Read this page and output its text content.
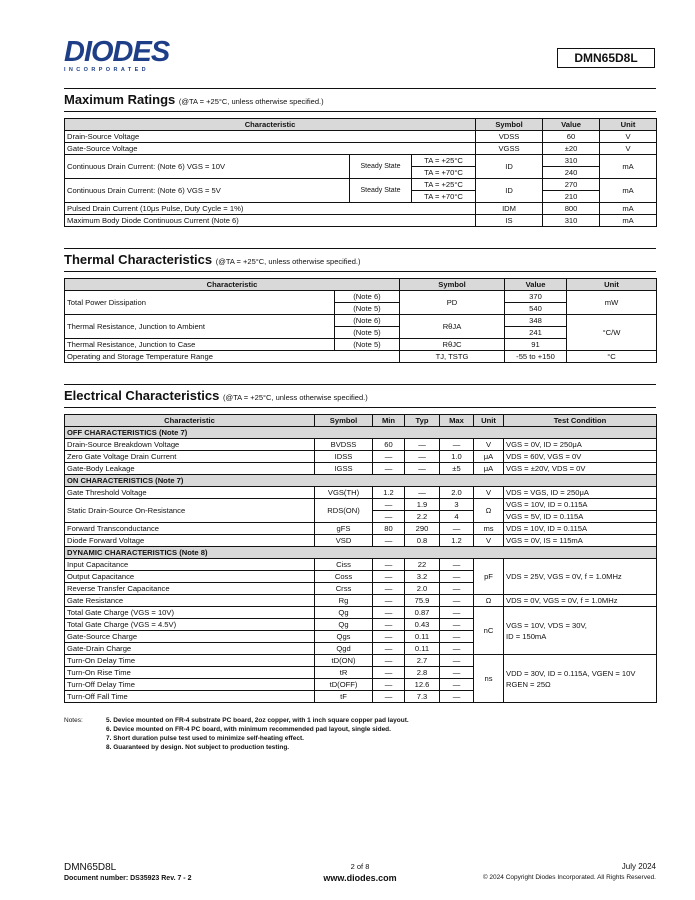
DIODES
INCORPORATED
DMN65D8L
Maximum Ratings (@TA = +25°C, unless otherwise specified.)
Characteristic			Symbol	Value	Unit
Drain-Source Voltage			VDSS	60	V
Gate-Source Voltage			VGSS	±20	V
Continuous Drain Current: (Note 6) VGS = 10V	Steady State	TA = +25°C	ID	310	mA
		TA = +70°C		240	
Continuous Drain Current: (Note 6) VGS = 5V	Steady State	TA = +25°C	ID	270	mA
		TA = +70°C		210	
Pulsed Drain Current (10μs Pulse, Duty Cycle = 1%)			IDM	800	mA
Maximum Body Diode Continuous Current (Note 6)			IS	310	mA
Thermal Characteristics (@TA = +25°C, unless otherwise specified.)
Characteristic		Symbol	Value	Unit
Total Power Dissipation	(Note 6)	PD	370	mW
	(Note 5)		540	
Thermal Resistance, Junction to Ambient	(Note 6)	RθJA	348	°C/W
	(Note 5)		241	
Thermal Resistance, Junction to Case	(Note 5)	RθJC	91	
Operating and Storage Temperature Range		TJ, TSTG	-55 to +150	°C
Electrical Characteristics (@TA = +25°C, unless otherwise specified.)
Characteristic	Symbol	Min	Typ	Max	Unit	Test Condition
OFF CHARACTERISTICS (Note 7)						
Drain-Source Breakdown Voltage	BVDSS	60	—	—	V	VGS = 0V, ID = 250μA
Zero Gate Voltage Drain Current	IDSS	—	—	1.0	μA	VDS = 60V, VGS = 0V
Gate-Body Leakage	IGSS	—	—	±5	μA	VGS = ±20V, VDS = 0V
ON CHARACTERISTICS (Note 7)						
Gate Threshold Voltage	VGS(TH)	1.2	—	2.0	V	VDS = VGS, ID = 250μA
Static Drain-Source On-Resistance	RDS(ON)	—	1.9	3	Ω	VGS = 10V, ID = 0.115A
		—	2.2	4		VGS = 5V, ID = 0.115A
Forward Transconductance	gFS	80	290	—	ms	VDS = 10V, ID = 0.115A
Diode Forward Voltage	VSD	—	0.8	1.2	V	VGS = 0V, IS = 115mA
DYNAMIC CHARACTERISTICS (Note 8)						
Input Capacitance	Ciss	—	22	—	pF	VDS = 25V, VGS = 0V, f = 1.0MHz
Output Capacitance	Coss	—	3.2	—		
Reverse Transfer Capacitance	Crss	—	2.0	—		
Gate Resistance	Rg	—	75.9	—	Ω	VDS = 0V, VGS = 0V, f = 1.0MHz
Total Gate Charge (VGS = 10V)	Qg	—	0.87	—	nC	VGS = 10V, VDS = 30V,
ID = 150mA

Total Gate Charge (VGS = 4.5V)	Qg	—	0.43	—		
Gate-Source Charge	Qgs	—	0.11	—		
Gate-Drain Charge	Qgd	—	0.11	—		
Turn-On Delay Time	tD(ON)	—	2.7	—	ns	VDD = 30V, ID = 0.115A, VGEN = 10V
RGEN = 25Ω

Turn-On Rise Time	tR	—	2.8	—		
Turn-Off Delay Time	tD(OFF)	—	12.6	—		
Turn-Off Fall Time	tF	—	7.3	—		
Notes:	5. Device mounted on FR-4 substrate PC board, 2oz copper, with 1 inch square copper pad layout.
6. Device mounted on FR-4 PC board, with minimum recommended pad layout, single sided.
7. Short duration pulse test used to minimize self-heating effect.
8. Guaranteed by design. Not subject to production testing.
DMN65D8L
Document number: DS35923 Rev. 7 - 2
2 of 8
www.diodes.com
July 2024
© 2024 Copyright Diodes Incorporated. All Rights Reserved.
